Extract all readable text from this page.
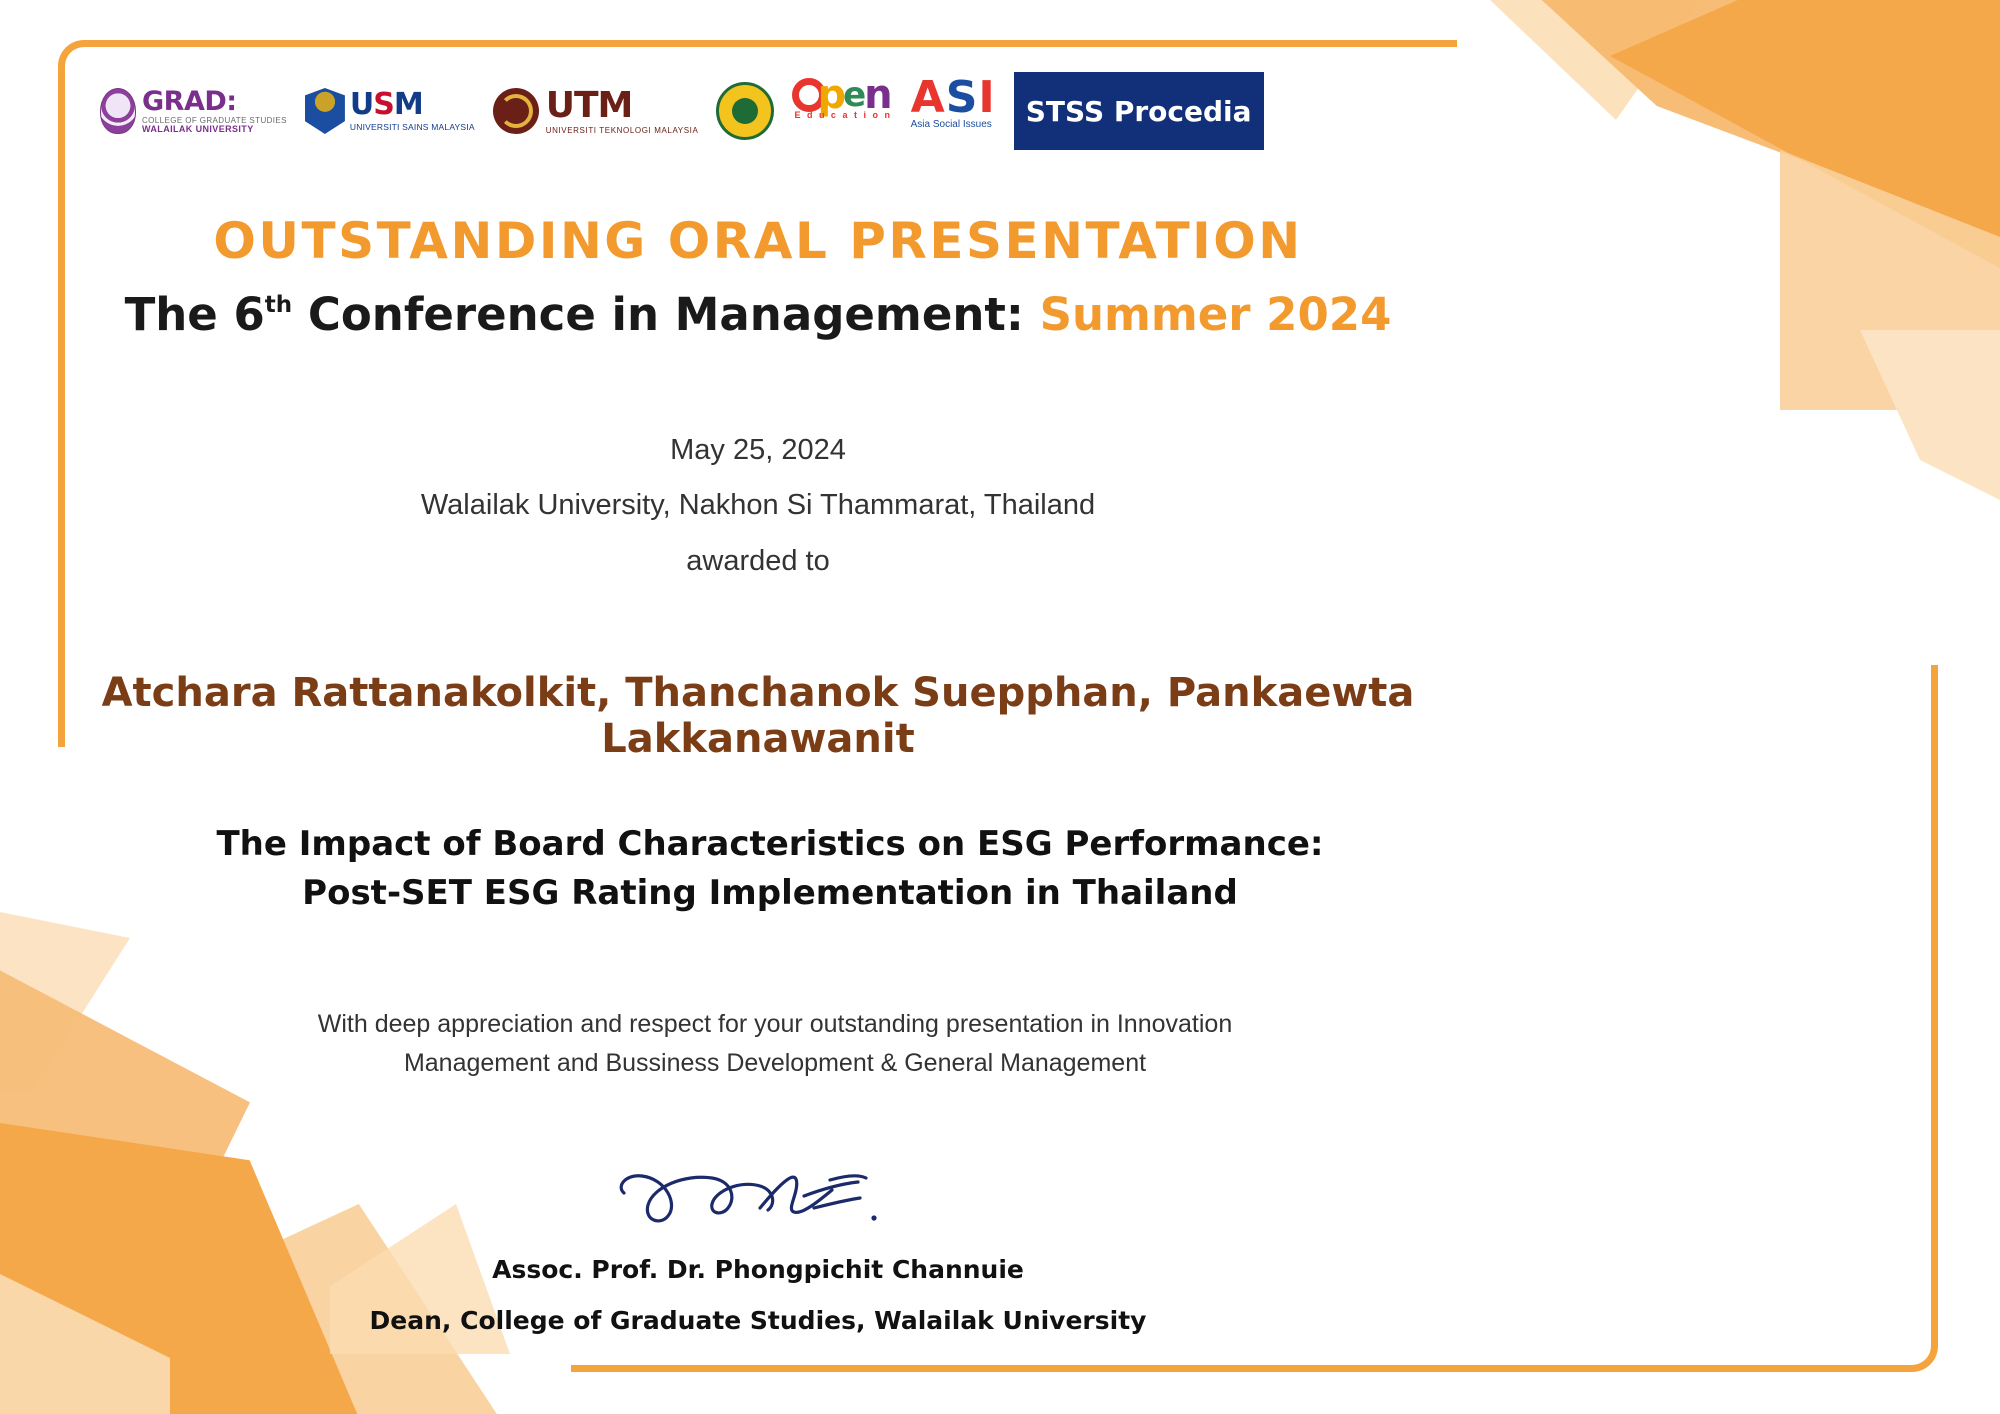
GRAD:
COLLEGE OF GRADUATE STUDIES
WALAILAK UNIVERSITY
USM
UNIVERSITI SAINS MALAYSIA
UTM
UNIVERSITI TEKNOLOGI MALAYSIA
p
e
n
E d u c a t i o n ASI
Asia Social Issues	STSS Procedia
OUTSTANDING ORAL PRESENTATION
The 6th Conference in Management: Summer 2024
May 25, 2024
Walailak University, Nakhon Si Thammarat, Thailand
awarded to
Atchara Rattanakolkit, Thanchanok Suepphan, Pankaewta Lakkanawanit
The Impact of Board Characteristics on ESG Performance: Post-SET ESG Rating Implementation in Thailand
With deep appreciation and respect for your outstanding presentation in Innovation Management and Bussiness Development & General Management
Assoc. Prof. Dr. Phongpichit Channuie
Dean, College of Graduate Studies, Walailak University
